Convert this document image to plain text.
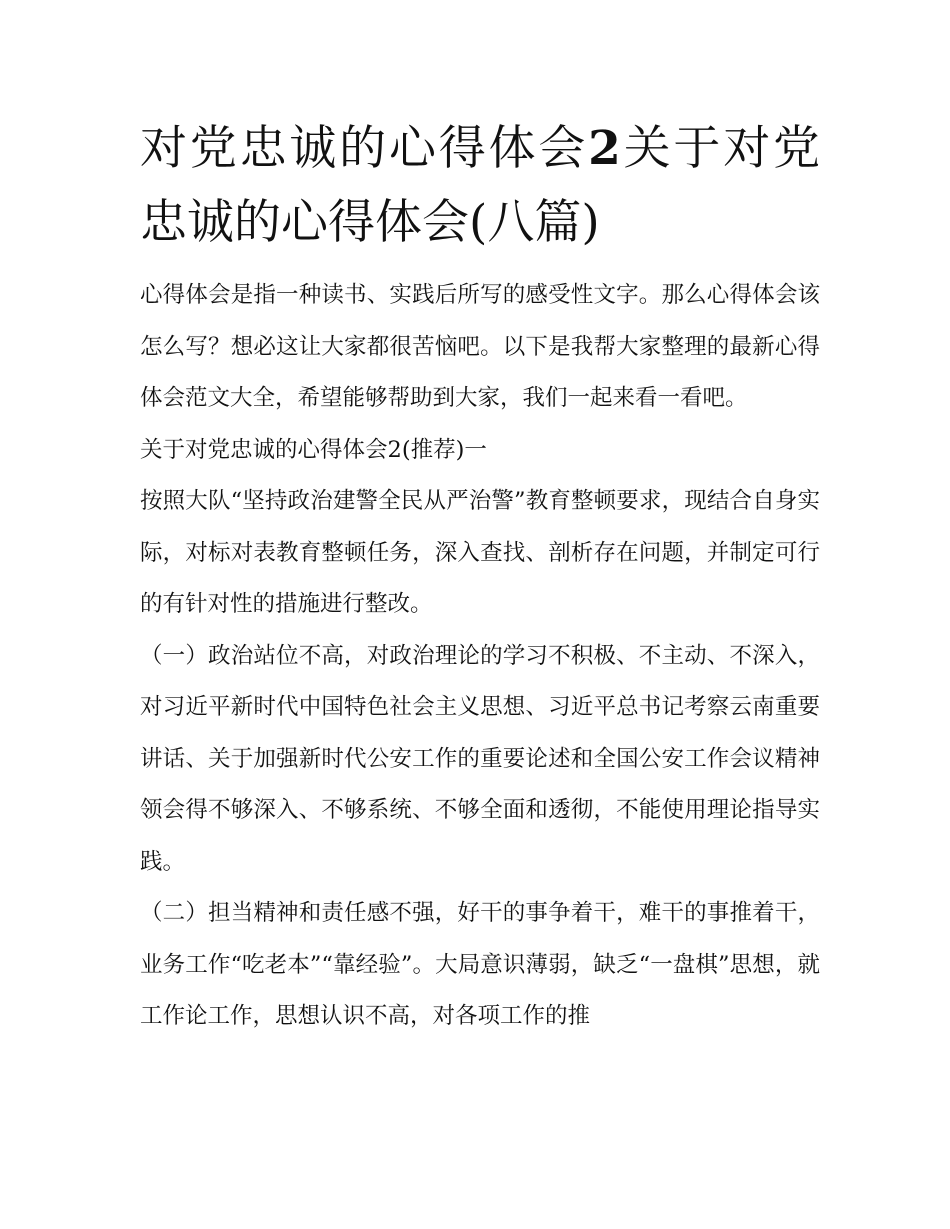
对党忠诚的心得体会2关于对党忠诚的心得体会(八篇)

心得体会是指一种读书、实践后所写的感受性文字。那么心得体会该怎么写？想必这让大家都很苦恼吧。以下是我帮大家整理的最新心得体会范文大全，希望能够帮助到大家，我们一起来看一看吧。

关于对党忠诚的心得体会2(推荐)一

按照大队“坚持政治建警全民从严治警”教育整顿要求，现结合自身实际，对标对表教育整顿任务，深入查找、剖析存在问题，并制定可行的有针对性的措施进行整改。

（一）政治站位不高，对政治理论的学习不积极、不主动、不深入，对习近平新时代中国特色社会主义思想、习近平总书记考察云南重要讲话、关于加强新时代公安工作的重要论述和全国公安工作会议精神领会得不够深入、不够系统、不够全面和透彻，不能使用理论指导实践。

（二）担当精神和责任感不强，好干的事争着干，难干的事推着干，业务工作“吃老本”“靠经验”。大局意识薄弱，缺乏“一盘棋”思想，就工作论工作，思想认识不高，对各项工作的推
